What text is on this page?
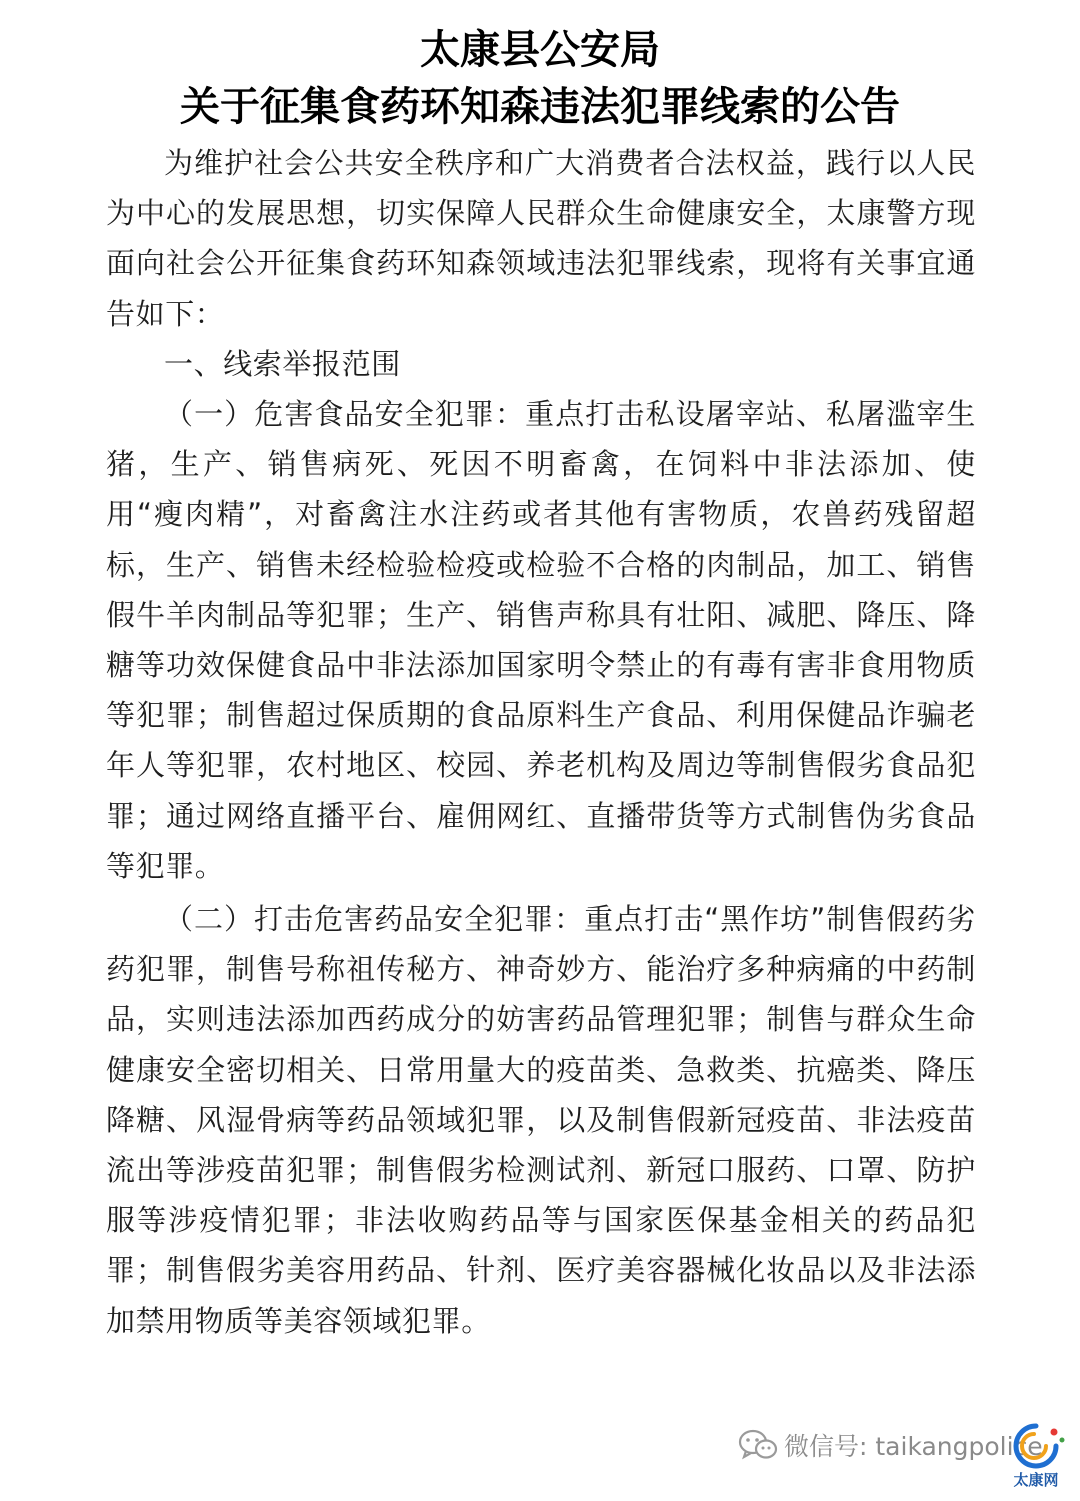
太康县公安局
关于征集食药环知森违法犯罪线索的公告

为维护社会公共安全秩序和广大消费者合法权益，践行以人民为中心的发展思想，切实保障人民群众生命健康安全，太康警方现面向社会公开征集食药环知森领域违法犯罪线索，现将有关事宜通告如下：

一、线索举报范围

（一）危害食品安全犯罪：重点打击私设屠宰站、私屠滥宰生猪，生产、销售病死、死因不明畜禽，在饲料中非法添加、使用“瘦肉精”，对畜禽注水注药或者其他有害物质，农兽药残留超标，生产、销售未经检验检疫或检验不合格的肉制品，加工、销售假牛羊肉制品等犯罪；生产、销售声称具有壮阳、减肥、降压、降糖等功效保健食品中非法添加国家明令禁止的有毒有害非食用物质等犯罪；制售超过保质期的食品原料生产食品、利用保健品诈骗老年人等犯罪，农村地区、校园、养老机构及周边等制售假劣食品犯罪；通过网络直播平台、雇佣网红、直播带货等方式制售伪劣食品等犯罪。

（二）打击危害药品安全犯罪：重点打击“黑作坊”制售假药劣药犯罪，制售号称祖传秘方、神奇妙方、能治疗多种病痛的中药制品，实则违法添加西药成分的妨害药品管理犯罪；制售与群众生命健康安全密切相关、日常用量大的疫苗类、急救类、抗癌类、降压降糖、风湿骨病等药品领域犯罪，以及制售假新冠疫苗、非法疫苗流出等涉疫苗犯罪；制售假劣检测试剂、新冠口服药、口罩、防护服等涉疫情犯罪；非法收购药品等与国家医保基金相关的药品犯罪；制售假劣美容用药品、针剂、医疗美容器械化妆品以及非法添加禁用物质等美容领域犯罪。

微信号: taikangpolice
太康网
